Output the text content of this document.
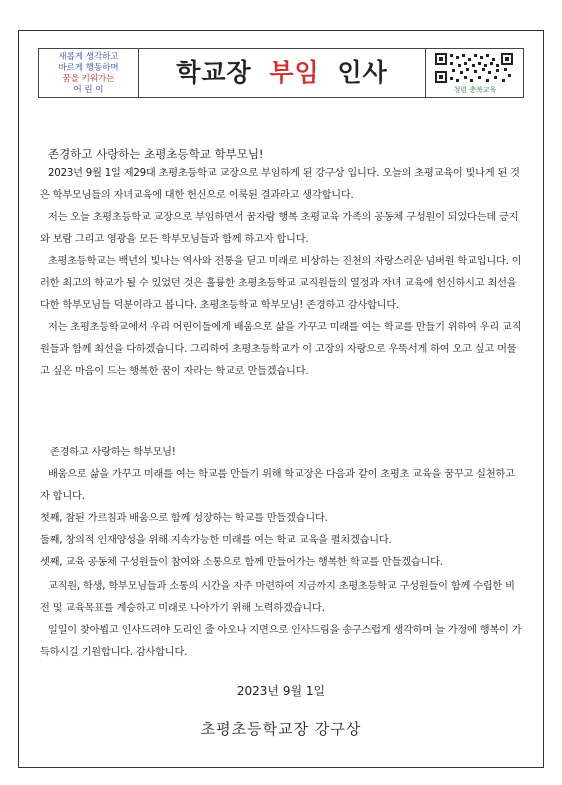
새롭게 생각하고
바르게 행동하며
꿈을 키워가는
어 린 이
학교장 부임 인사
청렴 충북교육
존경하고 사랑하는 초평초등학교 학부모님!

2023년 9월 1일 제29대 초평초등학교 교장으로 부임하게 된 강구상 입니다. 오늘의 초평교육이 빛나게 된 것은 학부모님들의 자녀교육에 대한 헌신으로 이룩된 결과라고 생각합니다.

저는 오늘 초평초등학교 교장으로 부임하면서 꿈자람 행복 초평교육 가족의 공동체 구성원이 되었다는데 긍지와 보람 그리고 영광을 모든 학부모님들과 함께 하고자 합니다.

초평초등학교는 백년의 빛나는 역사와 전통을 딛고 미래로 비상하는 진천의 자랑스러운 넘버원 학교입니다. 이러한 최고의 학교가 될 수 있었던 것은 훌륭한 초평초등학교 교직원들의 열정과 자녀 교육에 헌신하시고 최선을 다한 학부모님들 덕분이라고 봅니다. 초평초등학교 학부모님! 존경하고 감사합니다.

저는 초평초등학교에서 우리 어린이들에게 배움으로 삶을 가꾸고 미래를 여는 학교를 만들기 위하여 우리 교직원들과 함께 최선을 다하겠습니다. 그리하여 초평초등학교가 이 고장의 자랑으로 우뚝서게 하여 오고 싶고 머물고 싶은 마음이 드는 행복한 꿈이 자라는 학교로 만들겠습니다.

존경하고 사랑하는 학부모님!

배움으로 삶을 가꾸고 미래를 여는 학교를 만들기 위해 학교장은 다음과 같이 초평초 교육을 꿈꾸고 실천하고자 합니다.

첫째, 참된 가르침과 배움으로 함께 성장하는 학교를 만들겠습니다.

둘째, 창의적 인재양성을 위해 지속가능한 미래를 여는 학교 교육을 펼치겠습니다.

셋째, 교육 공동체 구성원들이 참여와 소통으로 함께 만들어가는 행복한 학교를 만들겠습니다.

교직원, 학생, 학부모님들과 소통의 시간을 자주 마련하여 지금까지 초평초등학교 구성원들이 함께 수립한 비전 및 교육목표를 계승하고 미래로 나아가기 위해 노력하겠습니다.

일일이 찾아뵙고 인사드려야 도리인 줄 아오나 지면으로 인사드림을 송구스럽게 생각하며 늘 가정에 행복이 가득하시길 기원합니다. 감사합니다.

2023년 9월 1일
초평초등학교장 강구상
